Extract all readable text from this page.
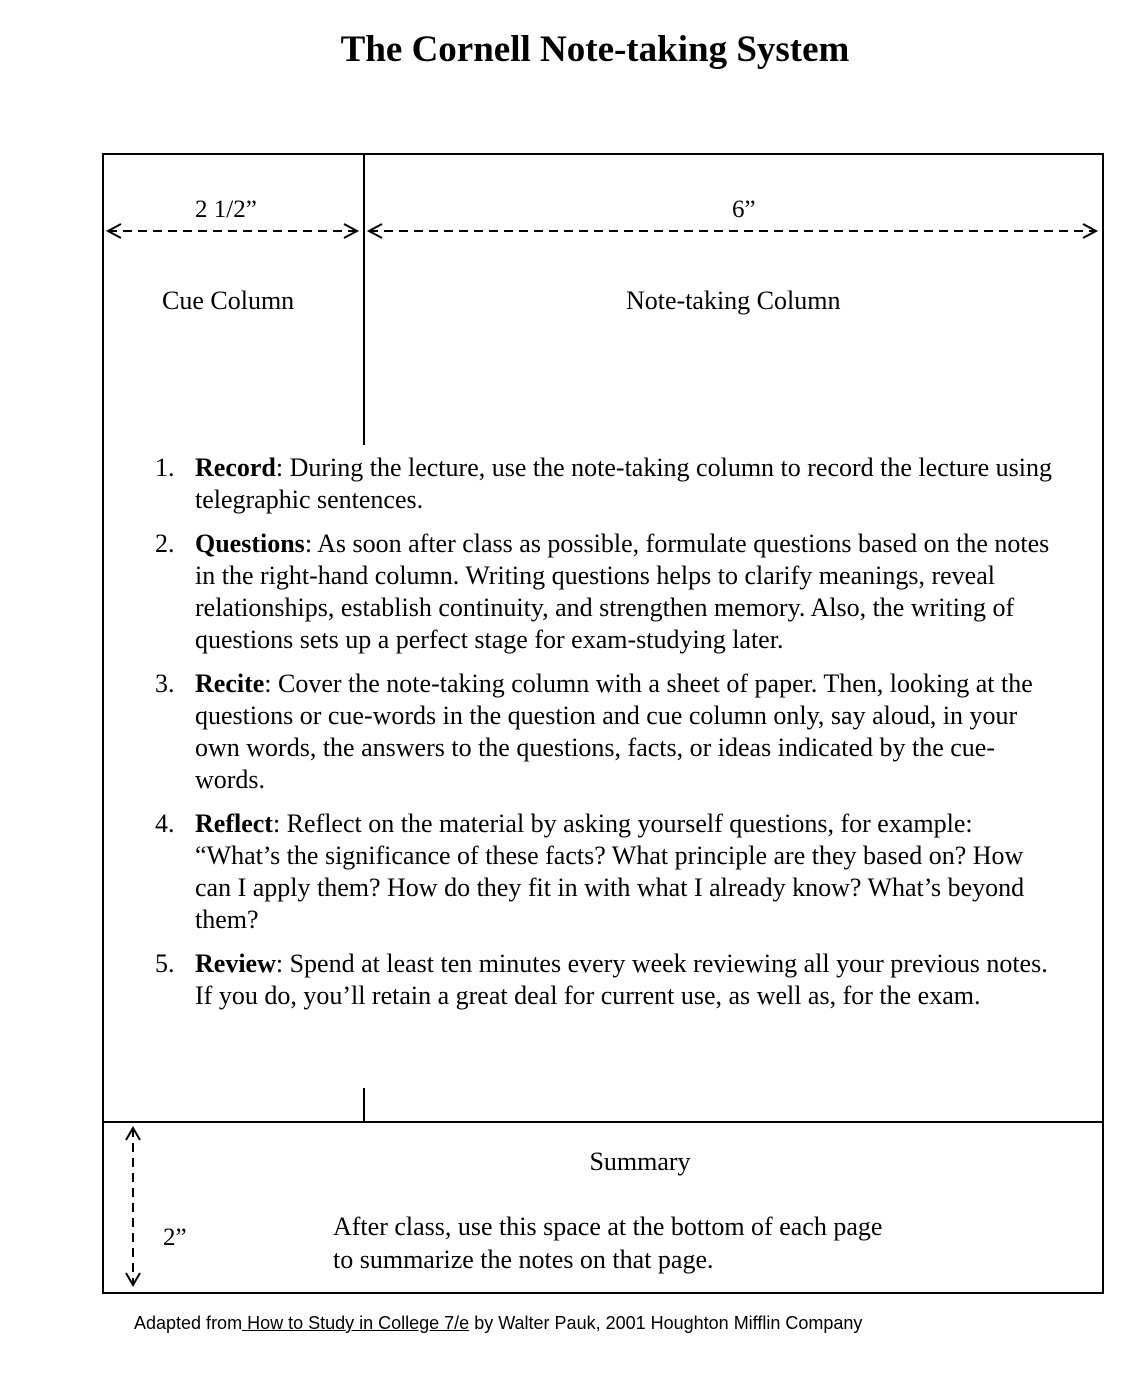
The Cornell Note-taking System
2 1/2”	6”
2”
Cue Column	Note-taking Column
1. Record: During the lecture, use the note-taking column to record the lecture using telegraphic sentences.
2. Questions: As soon after class as possible, formulate questions based on the notes in the right-hand column. Writing questions helps to clarify meanings, reveal relationships, establish continuity, and strengthen memory. Also, the writing of questions sets up a perfect stage for exam-studying later.
3. Recite: Cover the note-taking column with a sheet of paper. Then, looking at the questions or cue-words in the question and cue column only, say aloud, in your own words, the answers to the questions, facts, or ideas indicated by the cue-words.
4. Reflect: Reflect on the material by asking yourself questions, for example: “What’s the significance of these facts? What principle are they based on? How can I apply them? How do they fit in with what I already know? What’s beyond them?
5. Review: Spend at least ten minutes every week reviewing all your previous notes. If you do, you’ll retain a great deal for current use, as well as, for the exam.
Summary
After class, use this space at the bottom of each page
to summarize the notes on that page.
Adapted from How to Study in College 7/e by Walter Pauk, 2001 Houghton Mifflin Company
